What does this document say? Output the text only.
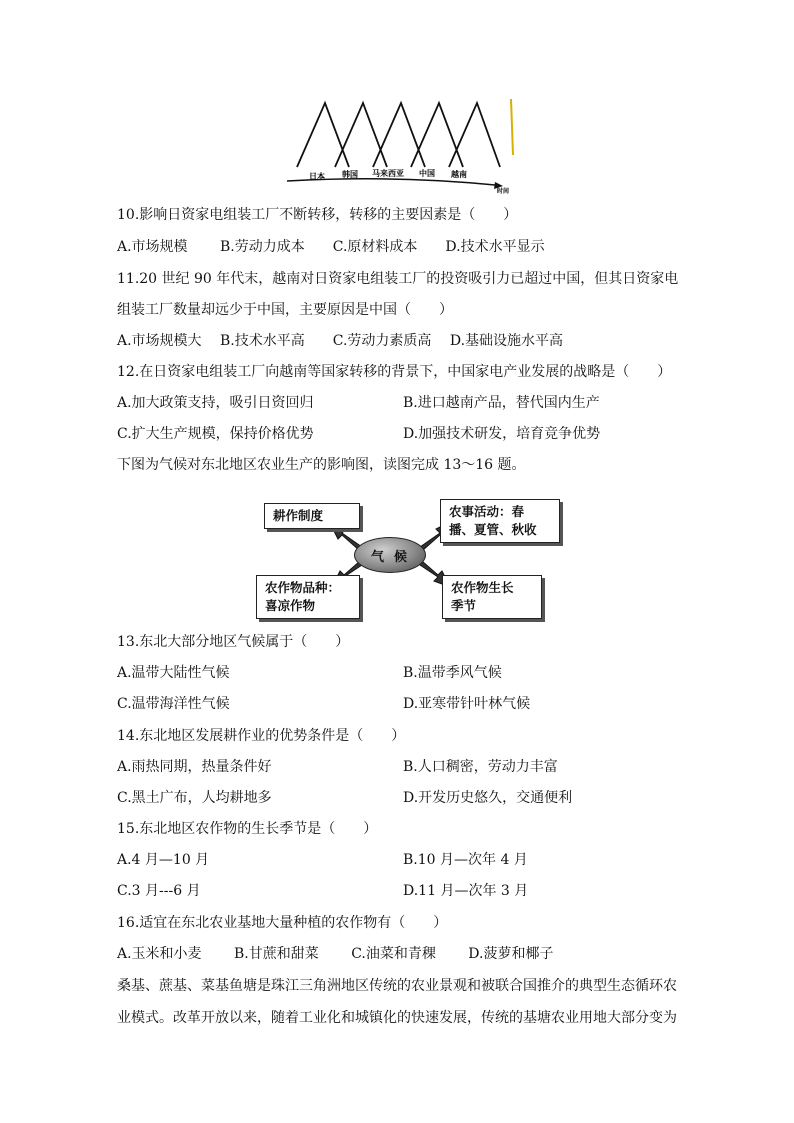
日本 韩国 马来西亚 中国 越南
时间
10.影响日资家电组装工厂不断转移，转移的主要因素是（　　）
A.市场规模　　 B.劳动力成本　　C.原材料成本　　D.技术水平显示
11.20 世纪 90 年代末，越南对日资家电组装工厂的投资吸引力已超过中国，但其日资家电
组装工厂数量却远少于中国，主要原因是中国（　　）
A.市场规模大　 B.技术水平高　　C.劳动力素质高　 D.基础设施水平高
12.在日资家电组装工厂向越南等国家转移的背景下，中国家电产业发展的战略是（　　）
A.加大政策支持，吸引日资回归	B.进口越南产品，替代国内生产
C.扩大生产规模，保持价格优势	D.加强技术研发，培育竞争优势
下图为气候对东北地区农业生产的影响图，读图完成 13～16 题。
耕作制度	农事活动：春
播、夏管、秋收
农作物品种：
喜凉作物
农作物生长
季节
气候
13.东北大部分地区气候属于（　　）
A.温带大陆性气候	B.温带季风气候
C.温带海洋性气候	D.亚寒带针叶林气候
14.东北地区发展耕作业的优势条件是（　　）
A.雨热同期，热量条件好	B.人口稠密，劳动力丰富
C.黑土广布，人均耕地多	D.开发历史悠久，交通便利
15.东北地区农作物的生长季节是（　　）
A.4 月—10 月	B.10 月—次年 4 月
C.3 月---6 月	D.11 月—次年 3 月
16.适宜在东北农业基地大量种植的农作物有（　　）
A.玉米和小麦　　 B.甘蔗和甜菜　　 C.油菜和青稞　　 D.菠萝和椰子
桑基、蔗基、菜基鱼塘是珠江三角洲地区传统的农业景观和被联合国推介的典型生态循环农
业模式。改革开放以来，随着工业化和城镇化的快速发展，传统的基塘农业用地大部分变为
